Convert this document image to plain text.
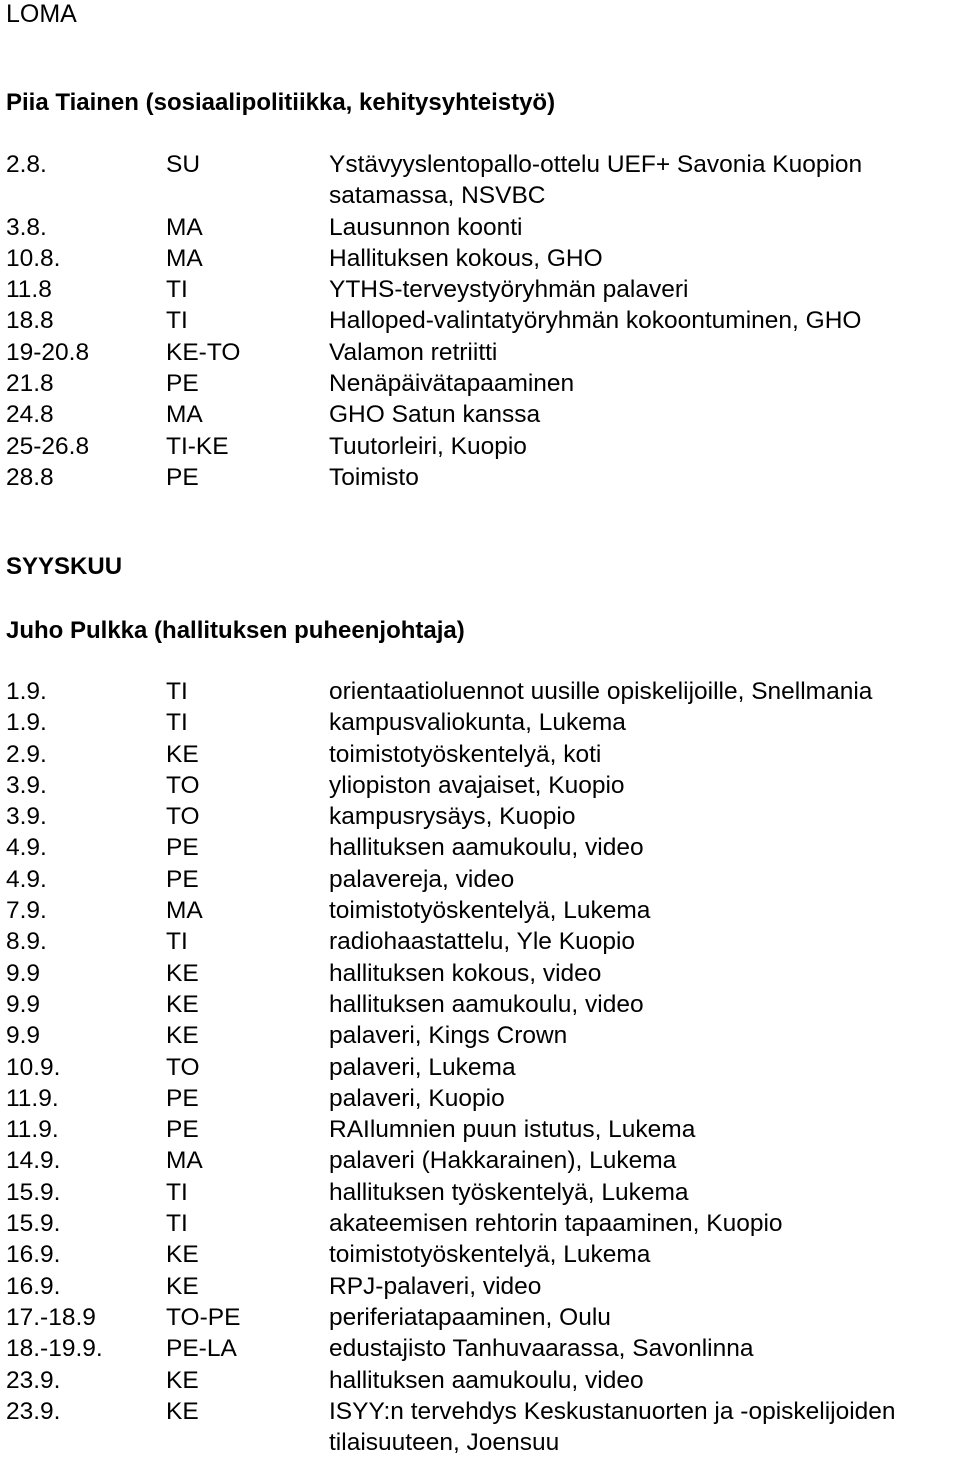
LOMA
Piia Tiainen (sosiaalipolitiikka, kehitysyhteistyö)
2.8.	SU	Ystävyyslentopallo-ottelu UEF+ Savonia Kuopion satamassa, NSVBC
3.8.	MA	Lausunnon koonti
10.8.	MA	Hallituksen kokous, GHO
11.8	TI	YTHS-terveystyöryhmän palaveri
18.8	TI	Halloped-valintatyöryhmän kokoontuminen, GHO
19-20.8	KE-TO	Valamon retriitti
21.8	PE	Nenäpäivätapaaminen
24.8	MA	GHO Satun kanssa
25-26.8	TI-KE	Tuutorleiri, Kuopio
28.8	PE	Toimisto
SYYSKUU
Juho Pulkka (hallituksen puheenjohtaja)
1.9.	TI	orientaatioluennot uusille opiskelijoille, Snellmania
1.9.	TI	kampusvaliokunta, Lukema
2.9.	KE	toimistotyöskentelyä, koti
3.9.	TO	yliopiston avajaiset, Kuopio
3.9.	TO	kampusrysäys, Kuopio
4.9.	PE	hallituksen aamukoulu, video
4.9.	PE	palavereja, video
7.9.	MA	toimistotyöskentelyä, Lukema
8.9.	TI	radiohaastattelu, Yle Kuopio
9.9	KE	hallituksen kokous, video
9.9	KE	hallituksen aamukoulu, video
9.9	KE	palaveri, Kings Crown
10.9.	TO	palaveri, Lukema
11.9.	PE	palaveri, Kuopio
11.9.	PE	RAIlumnien puun istutus, Lukema
14.9.	MA	palaveri (Hakkarainen), Lukema
15.9.	TI	hallituksen työskentelyä, Lukema
15.9.	TI	akateemisen rehtorin tapaaminen, Kuopio
16.9.	KE	toimistotyöskentelyä, Lukema
16.9.	KE	RPJ-palaveri, video
17.-18.9	TO-PE	periferiatapaaminen, Oulu
18.-19.9.	PE-LA	edustajisto Tanhuvaarassa, Savonlinna
23.9.	KE	hallituksen aamukoulu, video
23.9.	KE	ISYY:n tervehdys Keskustanuorten ja -opiskelijoiden tilaisuuteen, Joensuu
